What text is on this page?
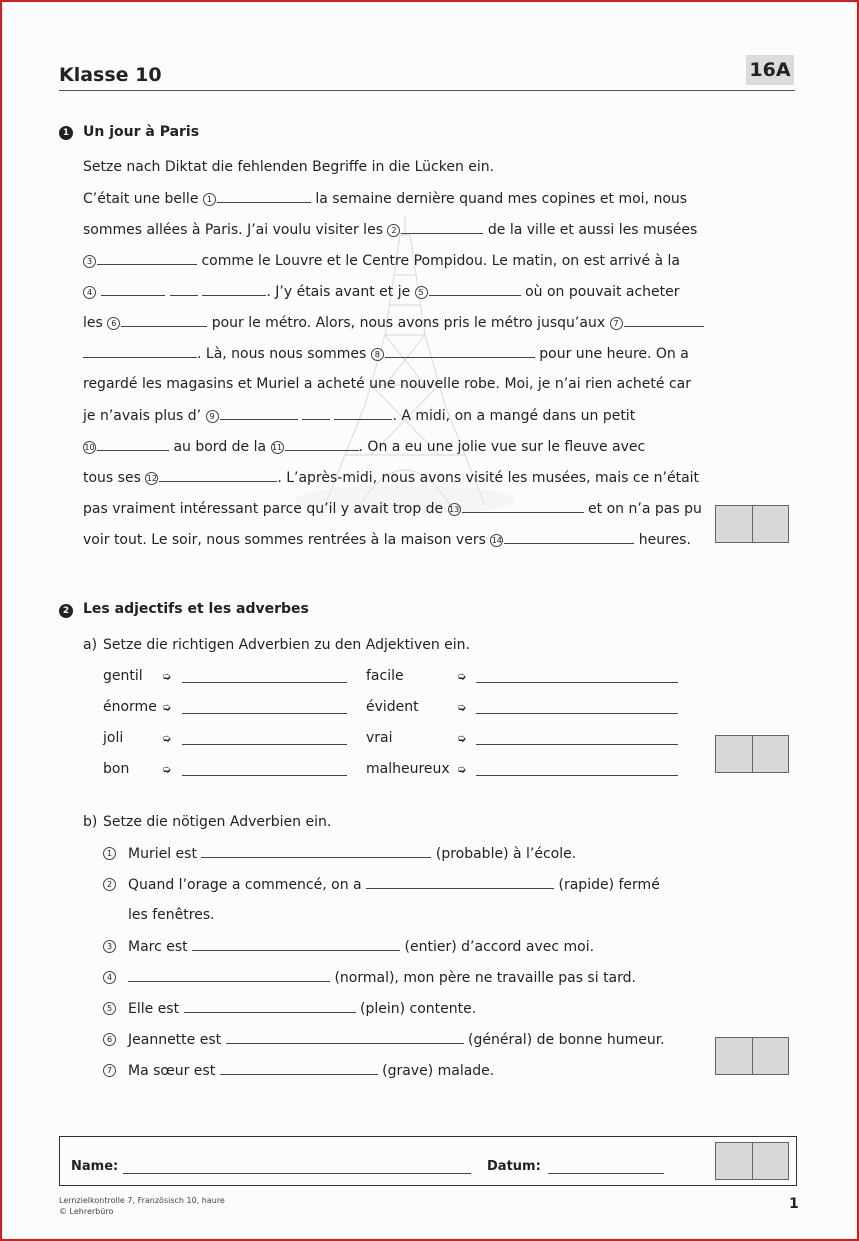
Klasse 10	16A
1 Un jour à Paris
Setze nach Diktat die fehlenden Begriffe in die Lücken ein.
C’était une belle 1	la semaine dernière quand mes copines et moi, nous
sommes allées à Paris. J’ai voulu visiter les 2	de la ville et aussi les musées
3	comme le Louvre et le Centre Pompidou. Le matin, on est arrivé à la
4	. J’y étais avant et je 5	où on pouvait acheter
les 6	pour le métro. Alors, nous avons pris le métro jusqu’aux 7
. Là, nous nous sommes 8	pour une heure. On a
regardé les magasins et Muriel a acheté une nouvelle robe. Moi, je n’ai rien acheté car
je n’avais plus d’ 9	. A midi, on a mangé dans un petit
10	au bord de la 11	. On a eu une jolie vue sur le fleuve avec
tous ses 12	. L’après-midi, nous avons visité les musées, mais ce n’était
pas vraiment intéressant parce qu’il y avait trop de 13	et on n’a pas pu
voir tout. Le soir, nous sommes rentrées à la maison vers 14	heures.
2 Les adjectifs et les adverbes
a) Setze die richtigen Adverbien zu den Adjektiven ein.
gentil ➭	facile	➭
énorme ➭	évident	➭
joli	➭	vrai	➭
bon	➭	malheureux ➭
b) Setze die nötigen Adverbien ein.
1	Muriel est	(probable) à l’école.
2	Quand l’orage a commencé, on a	(rapide) fermé
les fenêtres.
3	Marc est	(entier) d’accord avec moi.
4	(normal), mon père ne travaille pas si tard.
5	Elle est	(plein) contente.
6	Jeannette est	(général) de bonne humeur.
7	Ma sœur est	(grave) malade.
Name:	Datum:
Lernzielkontrolle 7, Französisch 10, haure
© Lehrerbüro	1
